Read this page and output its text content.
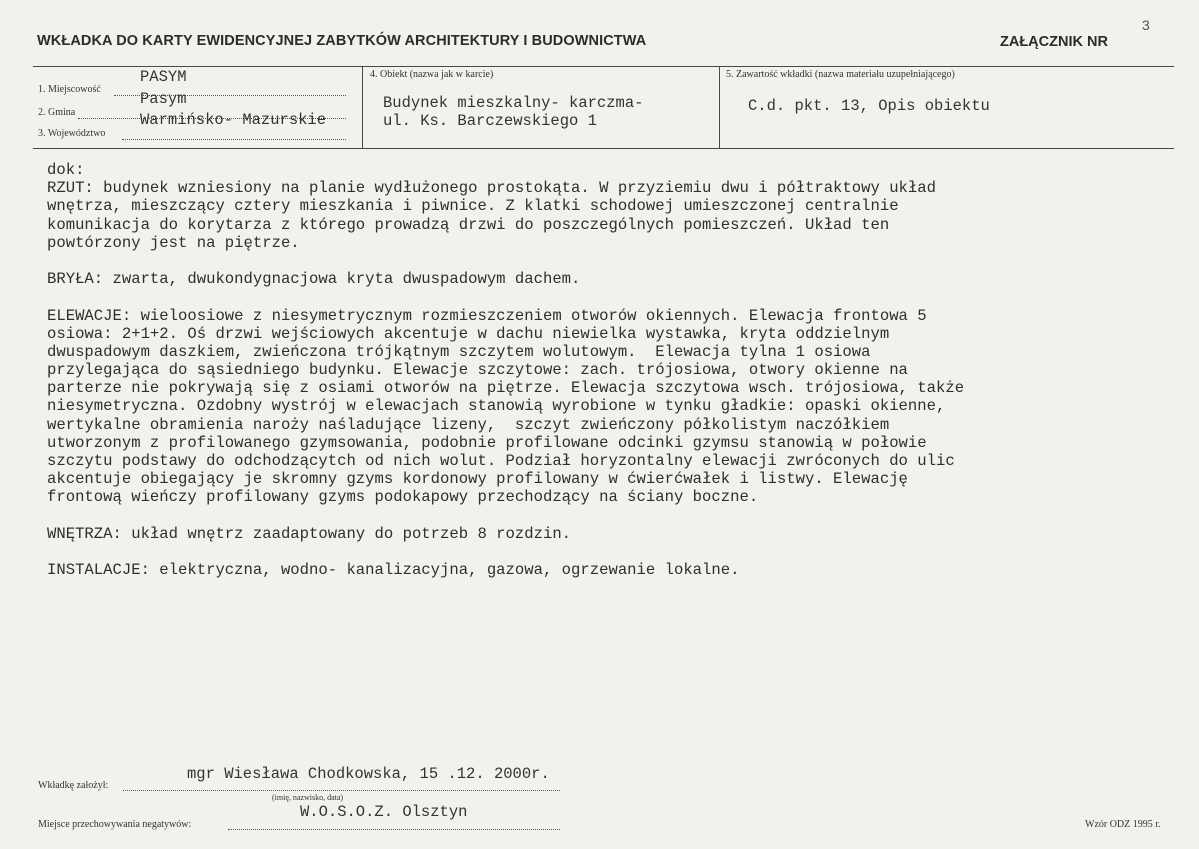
3
WKŁADKA DO KARTY EWIDENCYJNEJ ZABYTKÓW ARCHITEKTURY I BUDOWNICTWA	ZAŁĄCZNIK NR
1. Miejscowość
PASYM
2. Gmina
Pasym
3. Województwo
Warmińsko- Mazurskie
4. Obiekt (nazwa jak w karcie)
Budynek mieszkalny- karczma-
ul. Ks. Barczewskiego 1
5. Zawartość wkładki (nazwa materiału uzupełniającego)
C.d. pkt. 13, Opis obiektu
dok:
RZUT: budynek wzniesiony na planie wydłużonego prostokąta. W przyziemiu dwu i półtraktowy układ
wnętrza, mieszczący cztery mieszkania i piwnice. Z klatki schodowej umieszczonej centralnie
komunikacja do korytarza z którego prowadzą drzwi do poszczególnych pomieszczeń. Układ ten
powtórzony jest na piętrze.
BRYŁA: zwarta, dwukondygnacjowa kryta dwuspadowym dachem.
ELEWACJE: wieloosiowe z niesymetrycznym rozmieszczeniem otworów okiennych. Elewacja frontowa 5
osiowa: 2+1+2. Oś drzwi wejściowych akcentuje w dachu niewielka wystawka, kryta oddzielnym
dwuspadowym daszkiem, zwieńczona trójkątnym szczytem wolutowym.  Elewacja tylna 1 osiowa
przylegająca do sąsiedniego budynku. Elewacje szczytowe: zach. trójosiowa, otwory okienne na
parterze nie pokrywają się z osiami otworów na piętrze. Elewacja szczytowa wsch. trójosiowa, także
niesymetryczna. Ozdobny wystrój w elewacjach stanowią wyrobione w tynku gładkie: opaski okienne,
wertykalne obramienia naroży naśladujące lizeny,  szczyt zwieńczony półkolistym naczółkiem
utworzonym z profilowanego gzymsowania, podobnie profilowane odcinki gzymsu stanowią w połowie
szczytu podstawy do odchodzącytch od nich wolut. Podział horyzontalny elewacji zwróconych do ulic
akcentuje obiegający je skromny gzyms kordonowy profilowany w ćwierćwałek i listwy. Elewację
frontową wieńczy profilowany gzyms podokapowy przechodzący na ściany boczne.
WNĘTRZA: układ wnętrz zaadaptowany do potrzeb 8 rozdzin.
INSTALACJE: elektryczna, wodno- kanalizacyjna, gazowa, ogrzewanie lokalne.
Wkładkę założył:
mgr Wiesława Chodkowska, 15 .12. 2000r.
(imię, nazwisko, data)
Miejsce przechowywania negatywów:
W.O.S.O.Z. Olsztyn
Wzór ODZ 1995 r.
